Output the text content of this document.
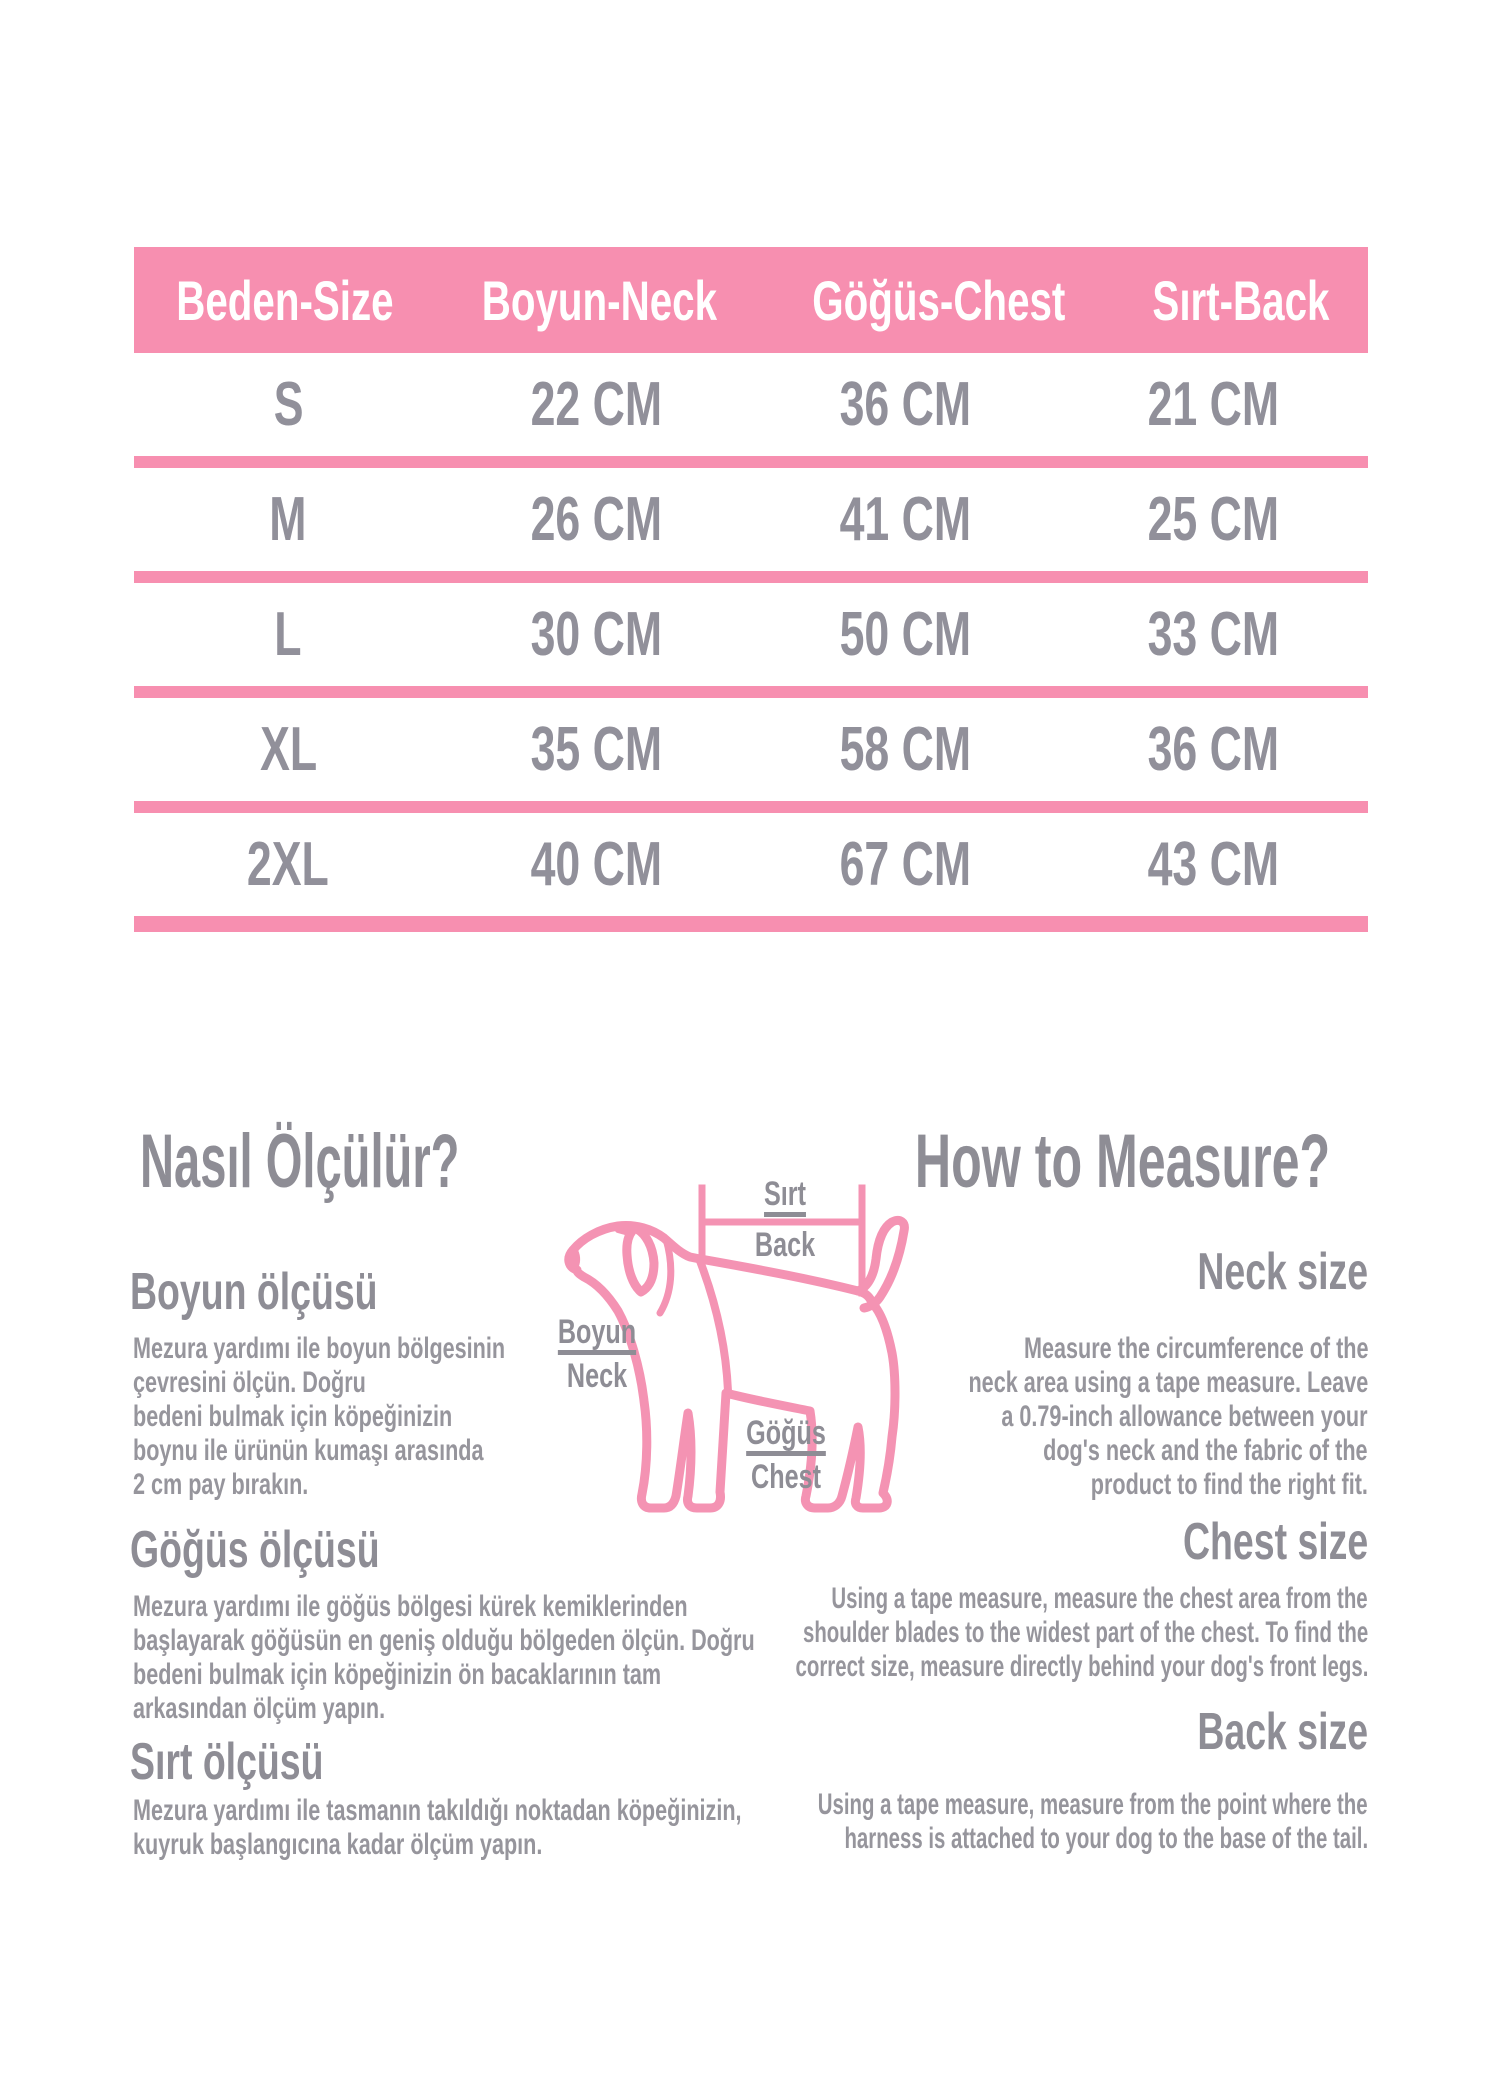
Beden-Size	Boyun-Neck	Göğüs-Chest	Sırt-Back
S	22 CM	36 CM	21 CM
M	26 CM	41 CM	25 CM
L	30 CM	50 CM	33 CM
XL	35 CM	58 CM	36 CM
2XL	40 CM	67 CM	43 CM
Nasıl Ölçülür?	How to Measure?
Boyun ölçüsü
Mezura yardımı ile boyun bölgesinin
çevresini ölçün. Doğru
bedeni bulmak için köpeğinizin
boynu ile ürünün kumaşı arasında
2 cm pay bırakın.
Göğüs ölçüsü
Mezura yardımı ile göğüs bölgesi kürek kemiklerinden
başlayarak göğüsün en geniş olduğu bölgeden ölçün. Doğru
bedeni bulmak için köpeğinizin ön bacaklarının tam
arkasından ölçüm yapın.
Sırt ölçüsü
Mezura yardımı ile tasmanın takıldığı noktadan köpeğinizin,
kuyruk başlangıcına kadar ölçüm yapın.
Neck size
Measure the circumference of the
neck area using a tape measure. Leave
a 0.79-inch allowance between your
dog's neck and the fabric of the
product to find the right fit.
Chest size
Using a tape measure, measure the chest area from the
shoulder blades to the widest part of the chest. To find the
correct size, measure directly behind your dog's front legs.
Back size
Using a tape measure, measure from the point where the
harness is attached to your dog to the base of the tail.
Sırt
Back
Boyun
Neck
Göğüs
Chest
